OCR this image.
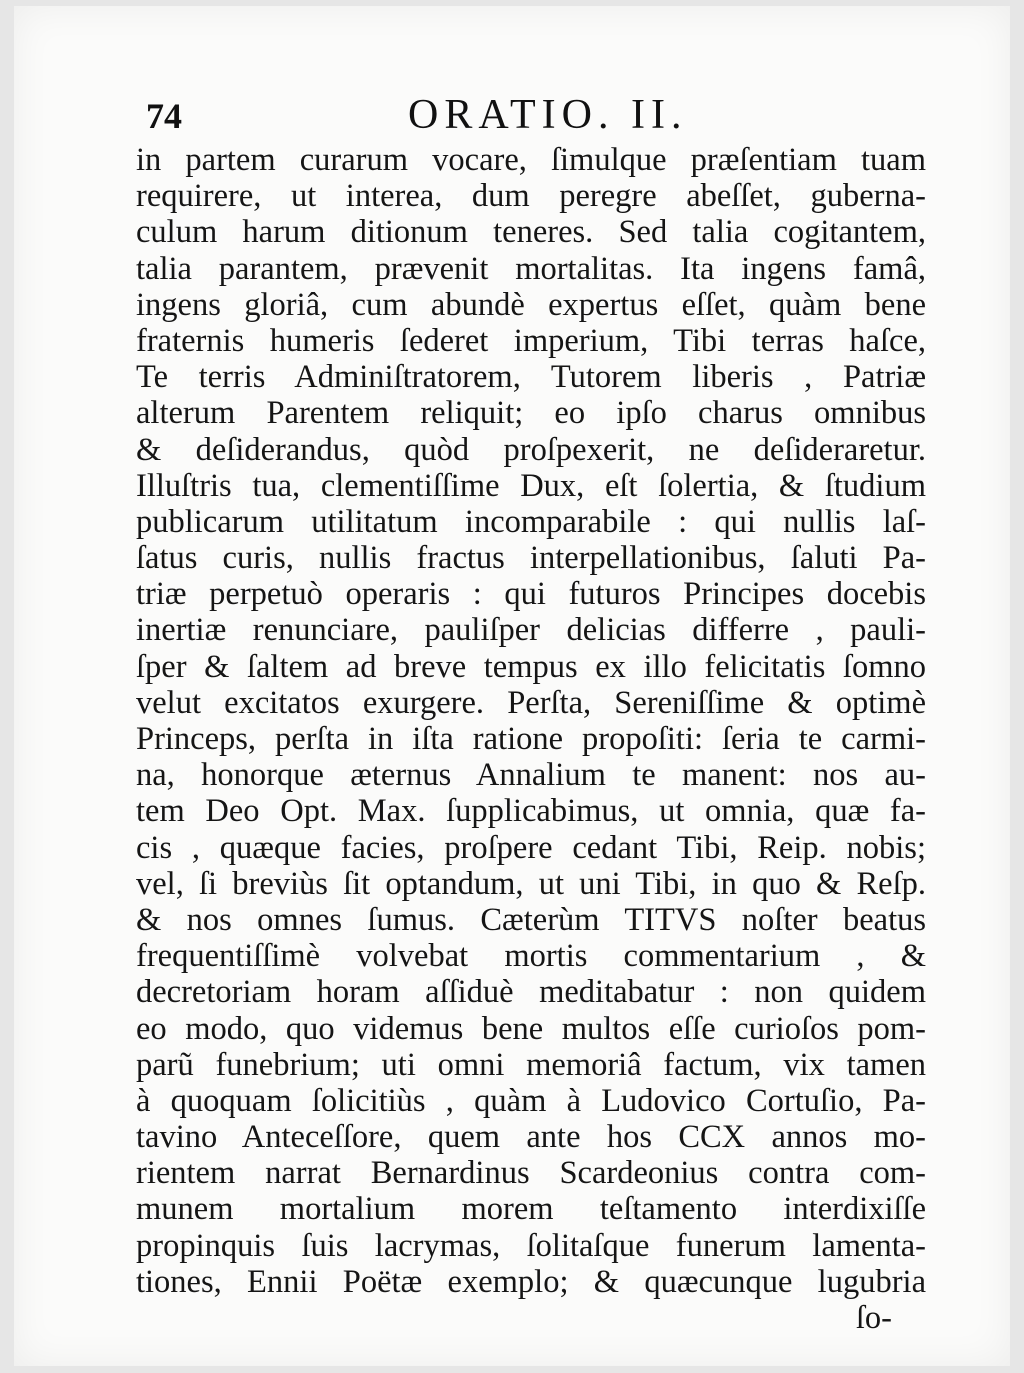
74	ORATIO. II.
in partem curarum vocare, ſimulque præſentiam tuam
requirere, ut interea, dum peregre abeſſet, guberna-
culum harum ditionum teneres. Sed talia cogitantem,
talia parantem, prævenit mortalitas. Ita ingens famâ,
ingens gloriâ, cum abundè expertus eſſet, quàm bene
fraternis humeris ſederet imperium, Tibi terras haſce,
Te terris Adminiſtratorem, Tutorem liberis , Patriæ
alterum Parentem reliquit; eo ipſo charus omnibus
& deſiderandus, quòd proſpexerit, ne deſideraretur.
Illuſtris tua, clementiſſime Dux, eſt ſolertia, & ſtudium
publicarum utilitatum incomparabile : qui nullis laſ-
ſatus curis, nullis fractus interpellationibus, ſaluti Pa-
triæ perpetuò operaris : qui futuros Principes docebis
inertiæ renunciare, pauliſper delicias differre , pauli-
ſper & ſaltem ad breve tempus ex illo felicitatis ſomno
velut excitatos exurgere. Perſta, Sereniſſime & optimè
Princeps, perſta in iſta ratione propoſiti: ſeria te carmi-
na, honorque æternus Annalium te manent: nos au-
tem Deo Opt. Max. ſupplicabimus, ut omnia, quæ fa-
cis , quæque facies, proſpere cedant Tibi, Reip. nobis;
vel, ſi breviùs ſit optandum, ut uni Tibi, in quo & Reſp.
& nos omnes ſumus. Cæterùm TITVS noſter beatus
frequentiſſimè volvebat mortis commentarium , &
decretoriam horam aſſiduè meditabatur : non quidem
eo modo, quo videmus bene multos eſſe curioſos pom-
parũ funebrium; uti omni memoriâ factum, vix tamen
à quoquam ſolicitiùs , quàm à Ludovico Cortuſio, Pa-
tavino Anteceſſore, quem ante hos CCX annos mo-
rientem narrat Bernardinus Scardeonius contra com-
munem mortalium morem teſtamento interdixiſſe
propinquis ſuis lacrymas, ſolitaſque funerum lamenta-
tiones, Ennii Poëtæ exemplo; & quæcunque lugubria
ſo-
